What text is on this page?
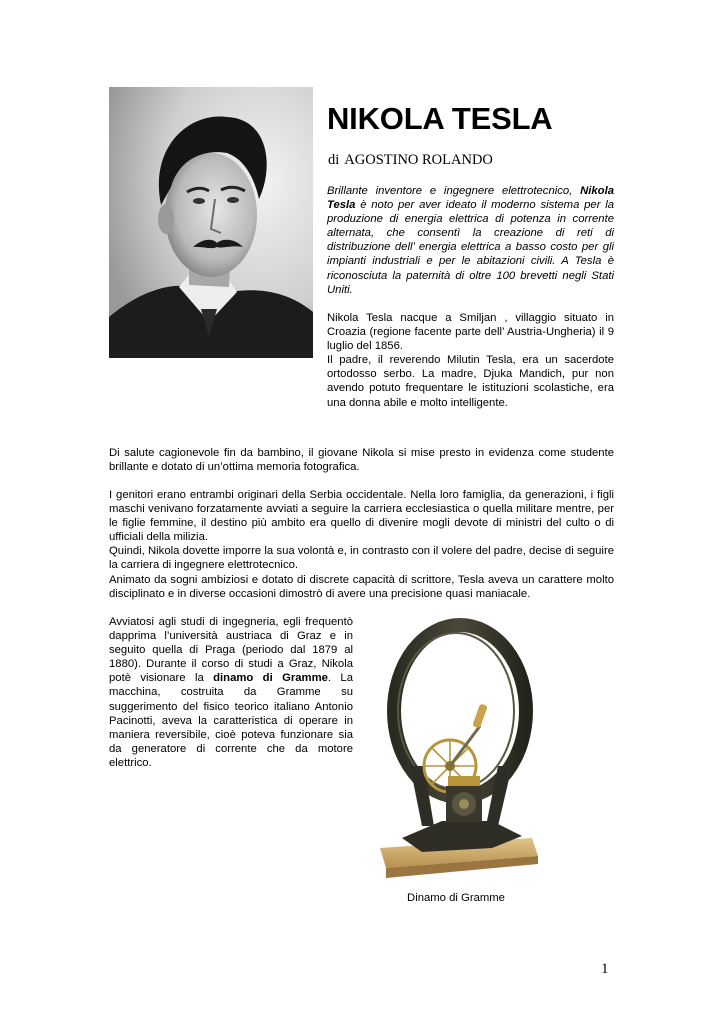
NIKOLA TESLA
di AGOSTINO ROLANDO

Brillante inventore e ingegnere elettrotecnico, Nikola Tesla è noto per aver ideato il moderno sistema per la produzione di energia elettrica di potenza in corrente alternata, che consentì la creazione di reti di distribuzione dell’ energia elettrica a basso costo per gli impianti industriali e per le abitazioni civili. A Tesla è riconosciuta la paternità di oltre 100 brevetti negli Stati Uniti.

Nikola Tesla nacque a Smiljan , villaggio situato in Croazia (regione facente parte dell’ Austria-Ungheria) il 9 luglio del 1856.

Il padre, il reverendo Milutin Tesla, era un sacerdote ortodosso serbo. La madre, Djuka Mandich, pur non avendo potuto frequentare le istituzioni scolastiche, era una donna abile e molto intelligente.

Di salute cagionevole fin da bambino, il giovane Nikola si mise presto in evidenza come studente brillante e dotato di un’ottima memoria fotografica.

I genitori erano entrambi originari della Serbia occidentale. Nella loro famiglia, da generazioni, i figli maschi venivano forzatamente avviati a seguire la carriera ecclesiastica o quella militare mentre, per le figlie femmine, il destino più ambito era quello di divenire mogli devote di ministri del culto o di ufficiali della milizia.

Quindi, Nikola dovette imporre la sua volontà e, in contrasto con il volere del padre, decise di seguire la carriera di ingegnere elettrotecnico.

Animato da sogni ambiziosi e dotato di discrete capacità di scrittore, Tesla aveva un carattere molto disciplinato e in diverse occasioni dimostrò di avere una precisione quasi maniacale.

Avviatosi agli studi di ingegneria, egli frequentò dapprima l’università austriaca di Graz e in seguito quella di Praga (periodo dal 1879 al 1880). Durante il corso di studi a Graz, Nikola potè visionare la dinamo di Gramme. La macchina, costruita da Gramme su suggerimento del fisico teorico italiano Antonio Pacinotti, aveva la caratteristica di operare in maniera reversibile, cioè poteva funzionare sia da generatore di corrente che da motore elettrico.

Dinamo di Gramme
1
